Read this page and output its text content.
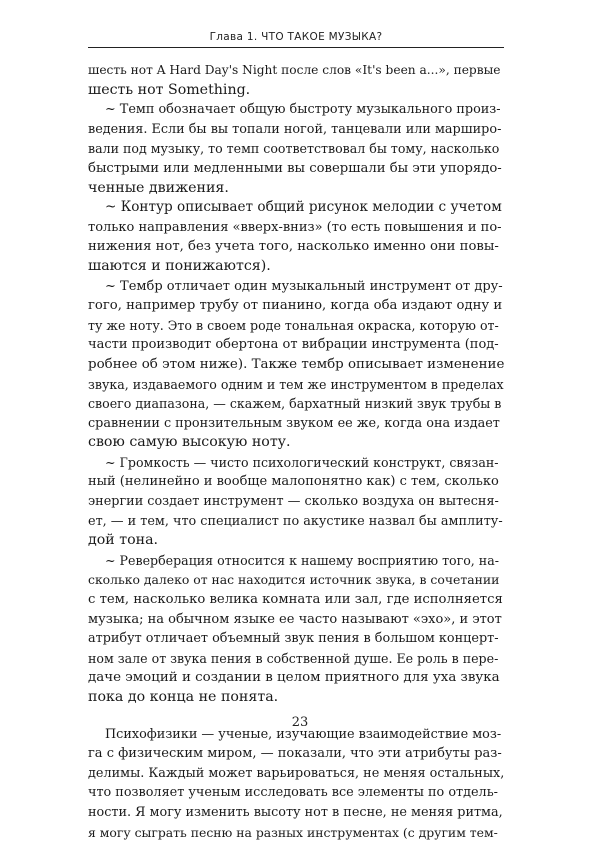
Глава 1. ЧТО ТАКОЕ МУЗЫКА?
шесть нот A Hard Day's Night после слов «It's been a...», первые
шесть нот Something.
~ Темп обозначает общую быстроту музыкального произ-
ведения. Если бы вы топали ногой, танцевали или марширо-
вали под музыку, то темп соответствовал бы тому, насколько
быстрыми или медленными вы совершали бы эти упорядо-
ченные движения.
~ Контур описывает общий рисунок мелодии с учетом
только направления «вверх-вниз» (то есть повышения и по-
нижения нот, без учета того, насколько именно они повы-
шаются и понижаются).
~ Тембр отличает один музыкальный инструмент от дру-
гого, например трубу от пианино, когда оба издают одну и
ту же ноту. Это в своем роде тональная окраска, которую от-
части производит обертона от вибрации инструмента (под-
робнее об этом ниже). Также тембр описывает изменение
звука, издаваемого одним и тем же инструментом в пределах
своего диапазона, — скажем, бархатный низкий звук трубы в
сравнении с пронзительным звуком ее же, когда она издает
свою самую высокую ноту.
~ Громкость — чисто психологический конструкт, связан-
ный (нелинейно и вообще малопонятно как) с тем, сколько
энергии создает инструмент — сколько воздуха он вытесня-
ет, — и тем, что специалист по акустике назвал бы амплиту-
дой тона.
~ Реверберация относится к нашему восприятию того, на-
сколько далеко от нас находится источник звука, в сочетании
с тем, насколько велика комната или зал, где исполняется
музыка; на обычном языке ее часто называют «эхо», и этот
атрибут отличает объемный звук пения в большом концерт-
ном зале от звука пения в собственной душе. Ее роль в пере-
даче эмоций и создании в целом приятного для уха звука
пока до конца не понята.
Психофизики — ученые, изучающие взаимодействие моз-
га с физическим миром, — показали, что эти атрибуты раз-
делимы. Каждый может варьироваться, не меняя остальных,
что позволяет ученым исследовать все элементы по отдель-
ности. Я могу изменить высоту нот в песне, не меняя ритма,
я могу сыграть песню на разных инструментах (с другим тем-
23
